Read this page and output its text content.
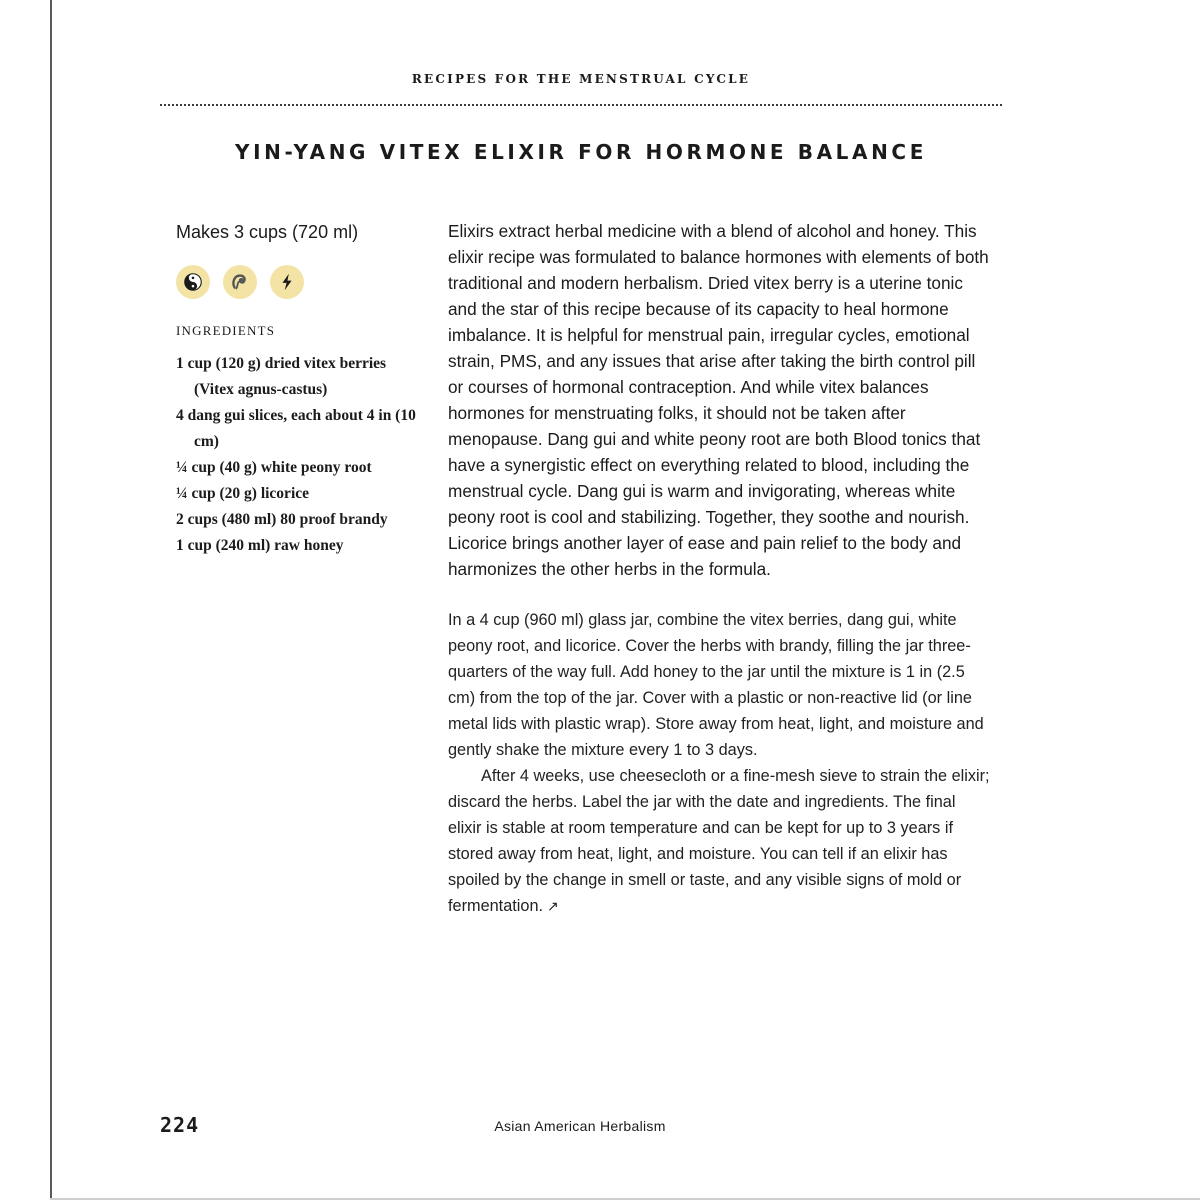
RECIPES FOR THE MENSTRUAL CYCLE
YIN-YANG VITEX ELIXIR FOR HORMONE BALANCE
Makes 3 cups (720 ml)
INGREDIENTS
1 cup (120 g) dried vitex berries (Vitex agnus-castus)
4 dang gui slices, each about 4 in (10 cm)
¼ cup (40 g) white peony root
¼ cup (20 g) licorice
2 cups (480 ml) 80 proof brandy
1 cup (240 ml) raw honey

Elixirs extract herbal medicine with a blend of alcohol and honey. This elixir recipe was formulated to balance hormones with elements of both traditional and modern herbalism. Dried vitex berry is a uterine tonic and the star of this recipe because of its capacity to heal hormone imbalance. It is helpful for menstrual pain, irregular cycles, emotional strain, PMS, and any issues that arise after taking the birth control pill or courses of hormonal contraception. And while vitex balances hormones for menstruating folks, it should not be taken after menopause. Dang gui and white peony root are both Blood tonics that have a synergistic effect on everything related to blood, including the menstrual cycle. Dang gui is warm and invigorating, whereas white peony root is cool and stabilizing. Together, they soothe and nourish. Licorice brings another layer of ease and pain relief to the body and harmonizes the other herbs in the formula.

In a 4 cup (960 ml) glass jar, combine the vitex berries, dang gui, white peony root, and licorice. Cover the herbs with brandy, filling the jar three-quarters of the way full. Add honey to the jar until the mixture is 1 in (2.5 cm) from the top of the jar. Cover with a plastic or non-reactive lid (or line metal lids with plastic wrap). Store away from heat, light, and moisture and gently shake the mixture every 1 to 3 days.

After 4 weeks, use cheesecloth or a fine-mesh sieve to strain the elixir; discard the herbs. Label the jar with the date and ingredients. The final elixir is stable at room temperature and can be kept for up to 3 years if stored away from heat, light, and moisture. You can tell if an elixir has spoiled by the change in smell or taste, and any visible signs of mold or fermentation. ↗

224	Asian American Herbalism
